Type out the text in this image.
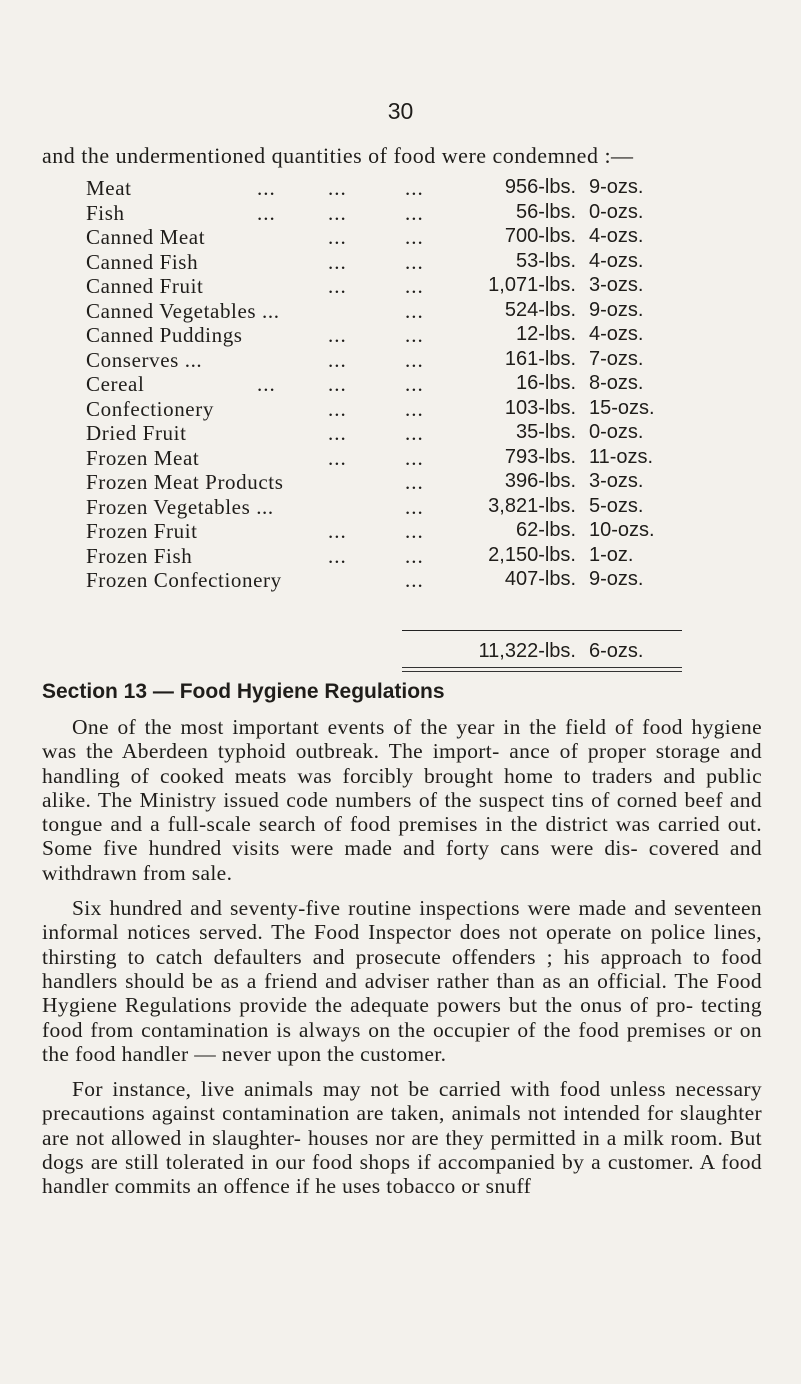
30
and the undermentioned quantities of food were condemned :—
Meat	... ...	...	956-lbs. 9-ozs.
Fish	... ...	...	56-lbs. 0-ozs.
Canned Meat	...	...	700-lbs. 4-ozs.
Canned Fish	...	...	53-lbs. 4-ozs.
Canned Fruit	...	...	1,071-lbs. 3-ozs.
Canned Vegetables ...	...	524-lbs. 9-ozs.
Canned Puddings	...	...	12-lbs. 4-ozs.
Conserves ...	...	...	161-lbs. 7-ozs.
Cereal	... ...	...	16-lbs. 8-ozs.
Confectionery	...	...	103-lbs. 15-ozs.
Dried Fruit	...	...	35-lbs. 0-ozs.
Frozen Meat	...	...	793-lbs. 11-ozs.
Frozen Meat Products	...	396-lbs. 3-ozs.
Frozen Vegetables ...	...	3,821-lbs. 5-ozs.
Frozen Fruit	...	...	62-lbs. 10-ozs.
Frozen Fish	...	...	2,150-lbs. 1-oz.
Frozen Confectionery	...	407-lbs. 9-ozs.
11,322-lbs. 6-ozs.
Section 13 — Food Hygiene Regulations

One of the most important events of the year in the field of food hygiene was the Aberdeen typhoid outbreak. The import- ance of proper storage and handling of cooked meats was forcibly brought home to traders and public alike. The Ministry issued code numbers of the suspect tins of corned beef and tongue and a full-scale search of food premises in the district was carried out. Some five hundred visits were made and forty cans were dis- covered and withdrawn from sale.

Six hundred and seventy-five routine inspections were made and seventeen informal notices served. The Food Inspector does not operate on police lines, thirsting to catch defaulters and prosecute offenders ; his approach to food handlers should be as a friend and adviser rather than as an official. The Food Hygiene Regulations provide the adequate powers but the onus of pro- tecting food from contamination is always on the occupier of the food premises or on the food handler — never upon the customer.

For instance, live animals may not be carried with food unless necessary precautions against contamination are taken, animals not intended for slaughter are not allowed in slaughter- houses nor are they permitted in a milk room. But dogs are still tolerated in our food shops if accompanied by a customer. A food handler commits an offence if he uses tobacco or snuff
